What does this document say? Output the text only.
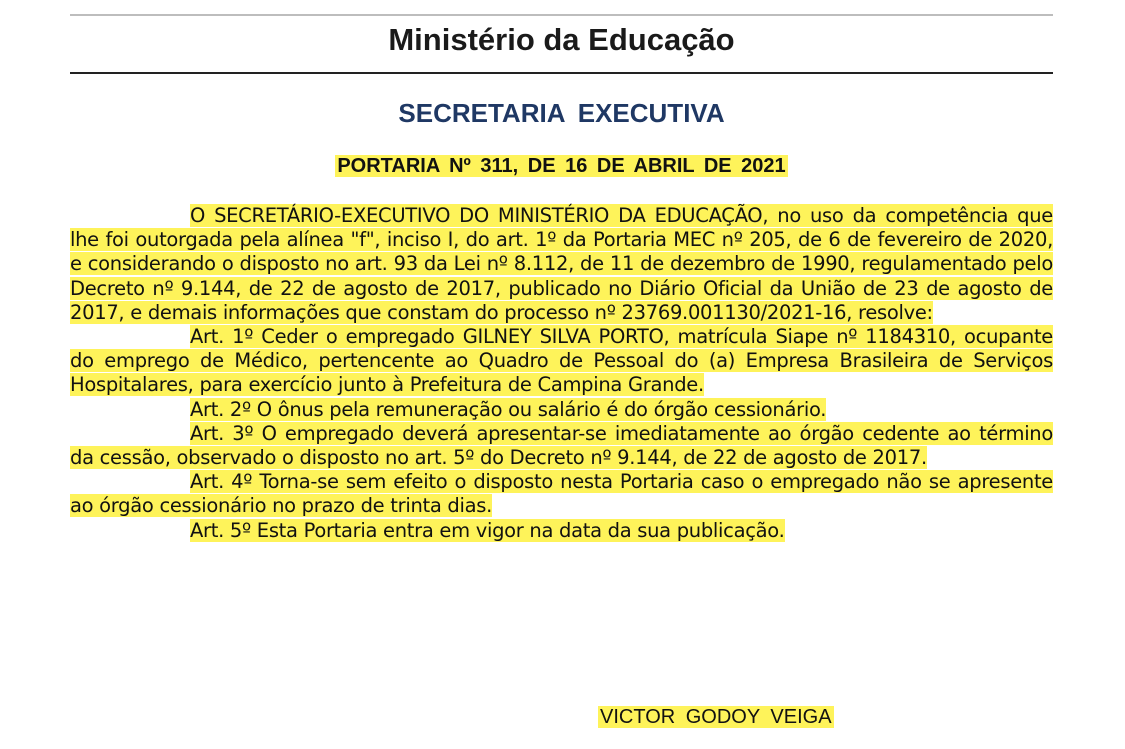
Ministério da Educação
SECRETARIA EXECUTIVA
PORTARIA Nº 311, DE 16 DE ABRIL DE 2021

O SECRETÁRIO-EXECUTIVO DO MINISTÉRIO DA EDUCAÇÃO, no uso da competência que lhe foi outorgada pela alínea "f", inciso I, do art. 1º da Portaria MEC nº 205, de 6 de fevereiro de 2020, e considerando o disposto no art. 93 da Lei nº 8.112, de 11 de dezembro de 1990, regulamentado pelo Decreto nº 9.144, de 22 de agosto de 2017, publicado no Diário Oficial da União de 23 de agosto de 2017, e demais informações que constam do processo nº 23769.001130/2021-16, resolve:

Art. 1º Ceder o empregado GILNEY SILVA PORTO, matrícula Siape nº 1184310, ocupante do emprego de Médico, pertencente ao Quadro de Pessoal do (a) Empresa Brasileira de Serviços Hospitalares, para exercício junto à Prefeitura de Campina Grande.

Art. 2º O ônus pela remuneração ou salário é do órgão cessionário.

Art. 3º O empregado deverá apresentar-se imediatamente ao órgão cedente ao término da cessão, observado o disposto no art. 5º do Decreto nº 9.144, de 22 de agosto de 2017.

Art. 4º Torna-se sem efeito o disposto nesta Portaria caso o empregado não se apresente ao órgão cessionário no prazo de trinta dias.

Art. 5º Esta Portaria entra em vigor na data da sua publicação.

VICTOR GODOY VEIGA
